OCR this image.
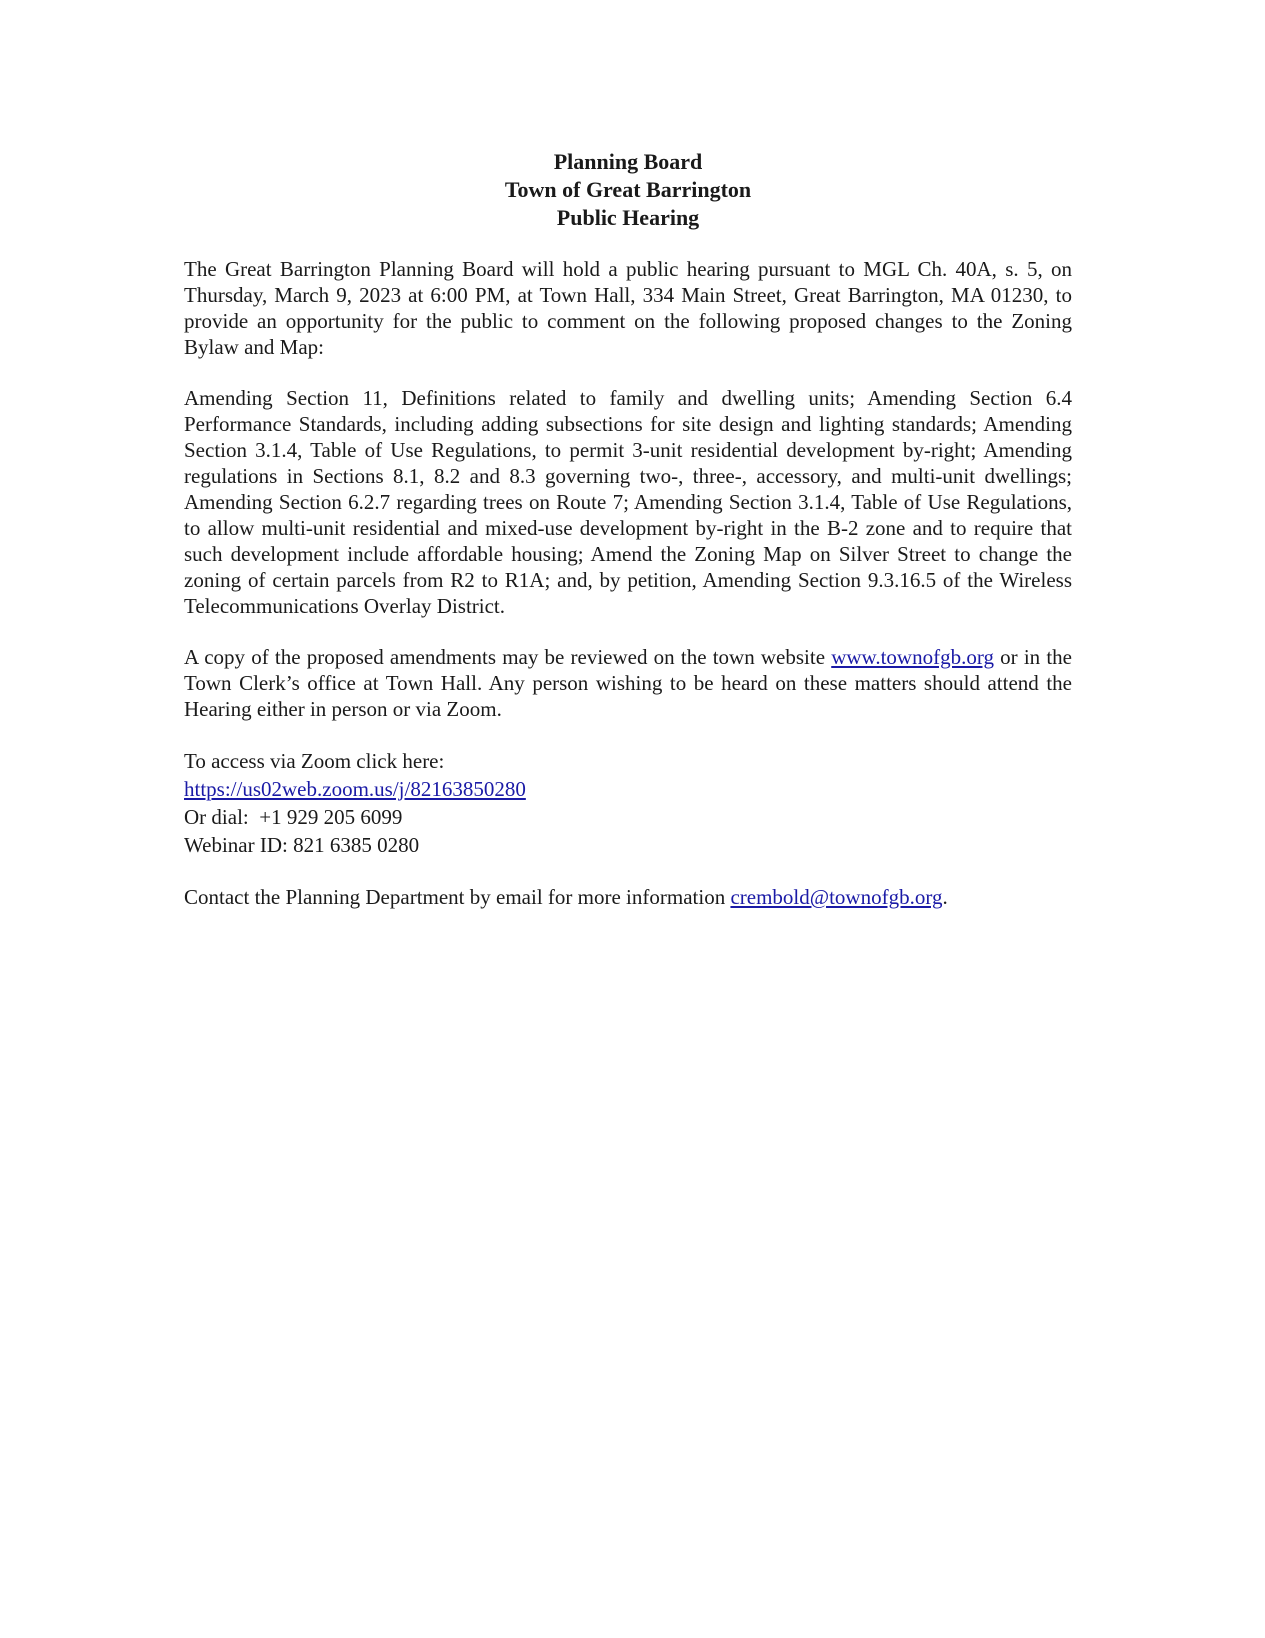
Planning Board
Town of Great Barrington
Public Hearing

The Great Barrington Planning Board will hold a public hearing pursuant to MGL Ch. 40A, s. 5, on Thursday, March 9, 2023 at 6:00 PM, at Town Hall, 334 Main Street, Great Barrington, MA 01230, to provide an opportunity for the public to comment on the following proposed changes to the Zoning Bylaw and Map:

Amending Section 11, Definitions related to family and dwelling units; Amending Section 6.4 Performance Standards, including adding subsections for site design and lighting standards; Amending Section 3.1.4, Table of Use Regulations, to permit 3-unit residential development by-right; Amending regulations in Sections 8.1, 8.2 and 8.3 governing two-, three-, accessory, and multi-unit dwellings; Amending Section 6.2.7 regarding trees on Route 7; Amending Section 3.1.4, Table of Use Regulations, to allow multi-unit residential and mixed-use development by-right in the B-2 zone and to require that such development include affordable housing; Amend the Zoning Map on Silver Street to change the zoning of certain parcels from R2 to R1A; and, by petition, Amending Section 9.3.16.5 of the Wireless Telecommunications Overlay District.

A copy of the proposed amendments may be reviewed on the town website www.townofgb.org or in the Town Clerk’s office at Town Hall. Any person wishing to be heard on these matters should attend the Hearing either in person or via Zoom.

To access via Zoom click here:
https://us02web.zoom.us/j/82163850280
Or dial:  +1 929 205 6099
Webinar ID: 821 6385 0280

Contact the Planning Department by email for more information crembold@townofgb.org.
